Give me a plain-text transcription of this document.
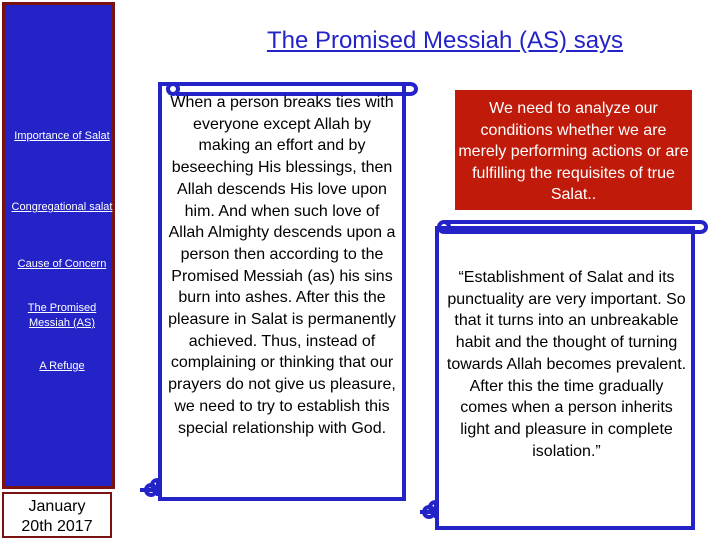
The Promised Messiah (AS) says
Importance of Salat
Congregational salat
Cause of Concern
The Promised Messiah (AS)
A Refuge
January
20th 2017
When a person breaks ties with everyone except Allah by making an effort and by beseeching His blessings, then Allah descends His love upon him. And when such love of Allah Almighty descends upon a person then according to the Promised Messiah (as) his sins burn into ashes. After this the pleasure in Salat is permanently achieved. Thus, instead of complaining or thinking that our prayers do not give us pleasure, we need to try to establish this special relationship with God.
We need to analyze our conditions whether we are merely performing actions or are fulfilling the requisites of true Salat..
“Establishment of Salat and its punctuality are very important. So that it turns into an unbreakable habit and the thought of turning towards Allah becomes prevalent. After this the time gradually comes when a person inherits light and pleasure in complete isolation.”
